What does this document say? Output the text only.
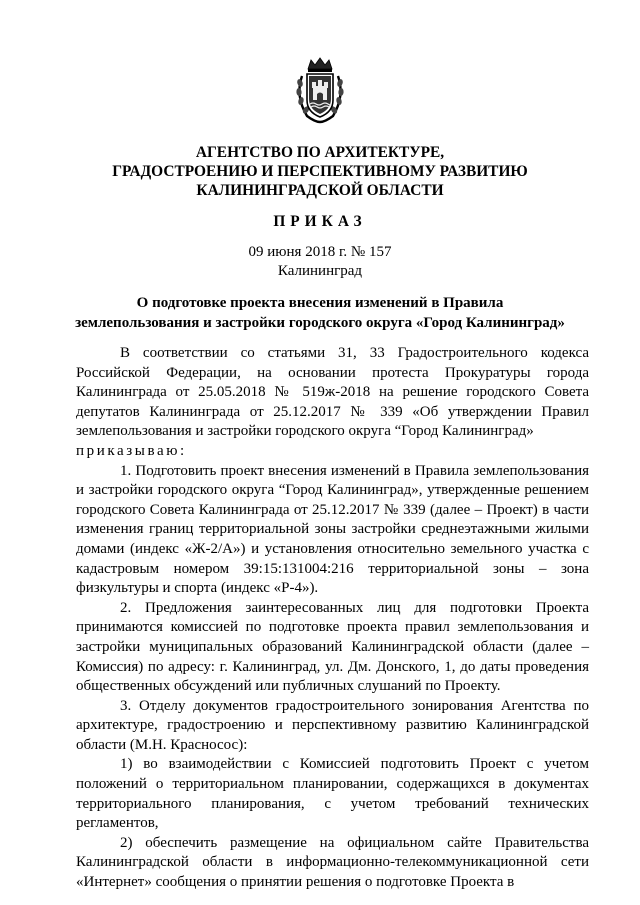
АГЕНТСТВО ПО АРХИТЕКТУРЕ,
ГРАДОСТРОЕНИЮ И ПЕРСПЕКТИВНОМУ РАЗВИТИЮ
КАЛИНИНГРАДСКОЙ ОБЛАСТИ
ПРИКАЗ
09 июня 2018 г. № 157
Калининград
О подготовке проекта внесения изменений в Правила
землепользования и застройки городского округа «Город Калининград»

В соответствии со статьями 31, 33 Градостроительного кодекса Российской Федерации, на основании протеста Прокуратуры города Калининграда от 25.05.2018 № 519ж-2018 на решение городского Совета депутатов Калининграда от 25.12.2017 № 339 «Об утверждении Правил землепользования и застройки городского округа “Город Калининград»

приказываю:

1. Подготовить проект внесения изменений в Правила землепользования и застройки городского округа “Город Калининград», утвержденные решением городского Совета Калининграда от 25.12.2017 № 339 (далее – Проект) в части изменения границ территориальной зоны застройки среднеэтажными жилыми домами (индекс «Ж-2/А») и установления относительно земельного участка с кадастровым номером 39:15:131004:216 территориальной зоны – зона физкультуры и спорта (индекс «Р-4»).

2. Предложения заинтересованных лиц для подготовки Проекта принимаются комиссией по подготовке проекта правил землепользования и застройки муниципальных образований Калининградской области (далее – Комиссия) по адресу: г. Калининград, ул. Дм. Донского, 1, до даты проведения общественных обсуждений или публичных слушаний по Проекту.

3. Отделу документов градостроительного зонирования Агентства по архитектуре, градостроению и перспективному развитию Калининградской области (М.Н. Красносос):

1) во взаимодействии с Комиссией подготовить Проект с учетом положений о территориальном планировании, содержащихся в документах территориального планирования, с учетом требований технических регламентов,

2) обеспечить размещение на официальном сайте Правительства Калининградской области в информационно-телекоммуникационной сети «Интернет» сообщения о принятии решения о подготовке Проекта в
